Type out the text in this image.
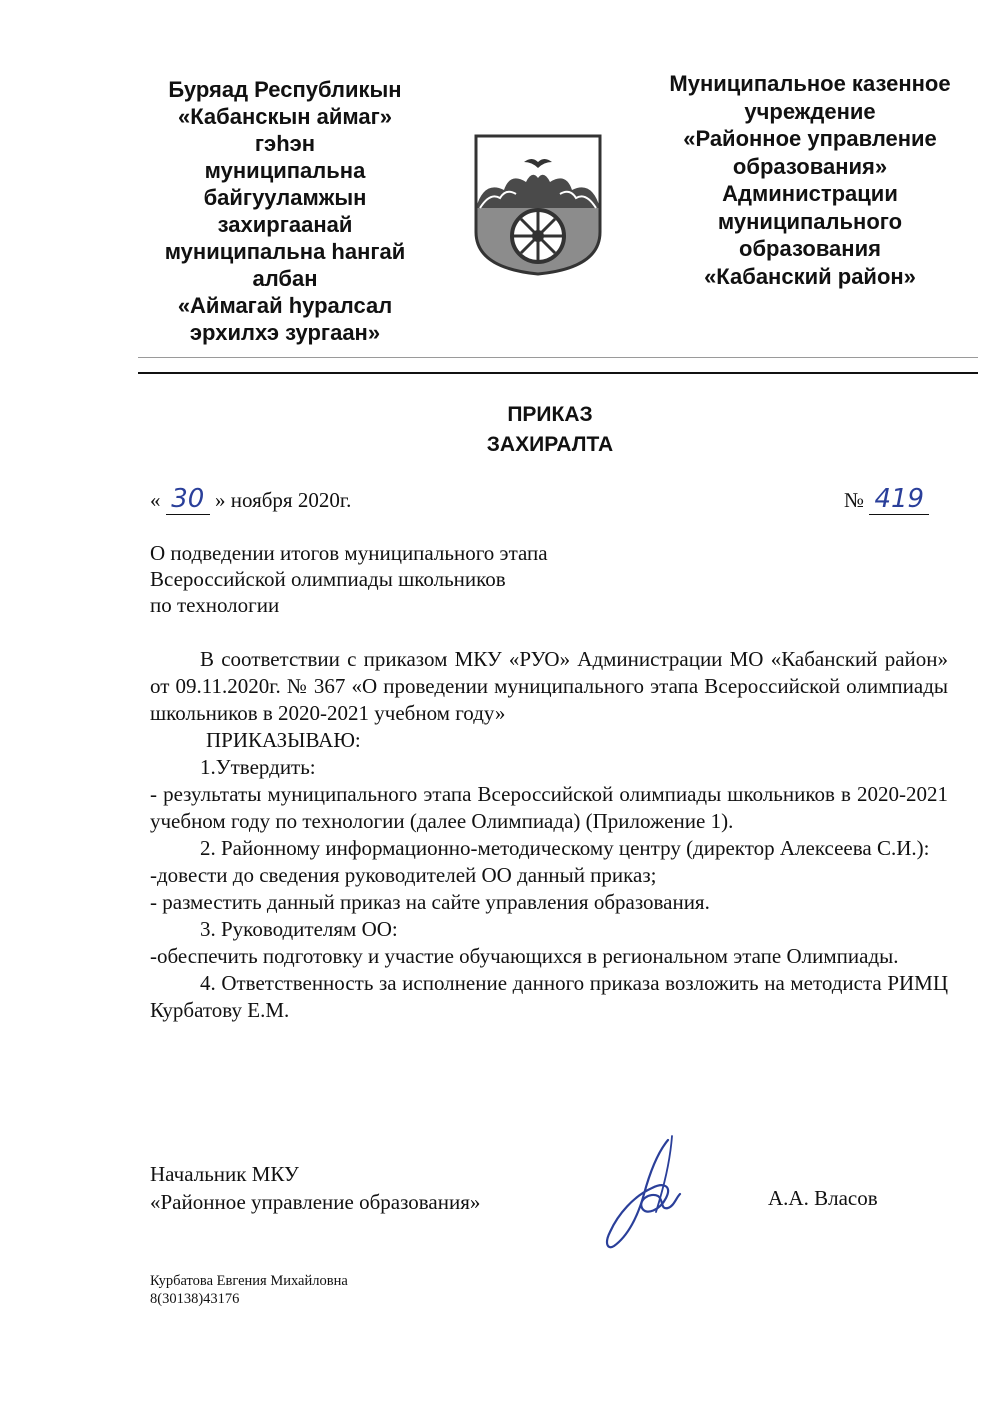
Буряад Республикын
«Кабанскын аймаг»
гэһэн
муниципальна
байгууламжын
захиргаанай
муниципальна һангай
албан
«Аймагай һуралсал
эрхилхэ зургаан»
Муниципальное казенное
учреждение
«Районное управление
образования»
Администрации
муниципального
образования
«Кабанский район»
ПРИКАЗ
ЗАХИРАЛТА
« 30 » ноября 2020г.	№ 419
О подведении итогов муниципального этапа
Всероссийской олимпиады школьников
по технологии

В соответствии с приказом МКУ «РУО» Администрации МО «Кабанский район» от 09.11.2020г. № 367 «О проведении муниципального этапа Всероссийской олимпиады школьников в 2020-2021 учебном году»

ПРИКАЗЫВАЮ:

1.Утвердить:

- результаты муниципального этапа Всероссийской олимпиады школьников в 2020-2021 учебном году по технологии (далее Олимпиада) (Приложение 1).

2. Районному информационно-методическому центру (директор Алексеева С.И.):

-довести до сведения руководителей ОО данный приказ;

- разместить данный приказ на сайте управления образования.

3. Руководителям ОО:

-обеспечить подготовку и участие обучающихся в региональном этапе Олимпиады.

4. Ответственность за исполнение данного приказа возложить на методиста РИМЦ Курбатову Е.М.

Начальник МКУ
«Районное управление образования»	А.А. Власов
Курбатова Евгения Михайловна
8(30138)43176
